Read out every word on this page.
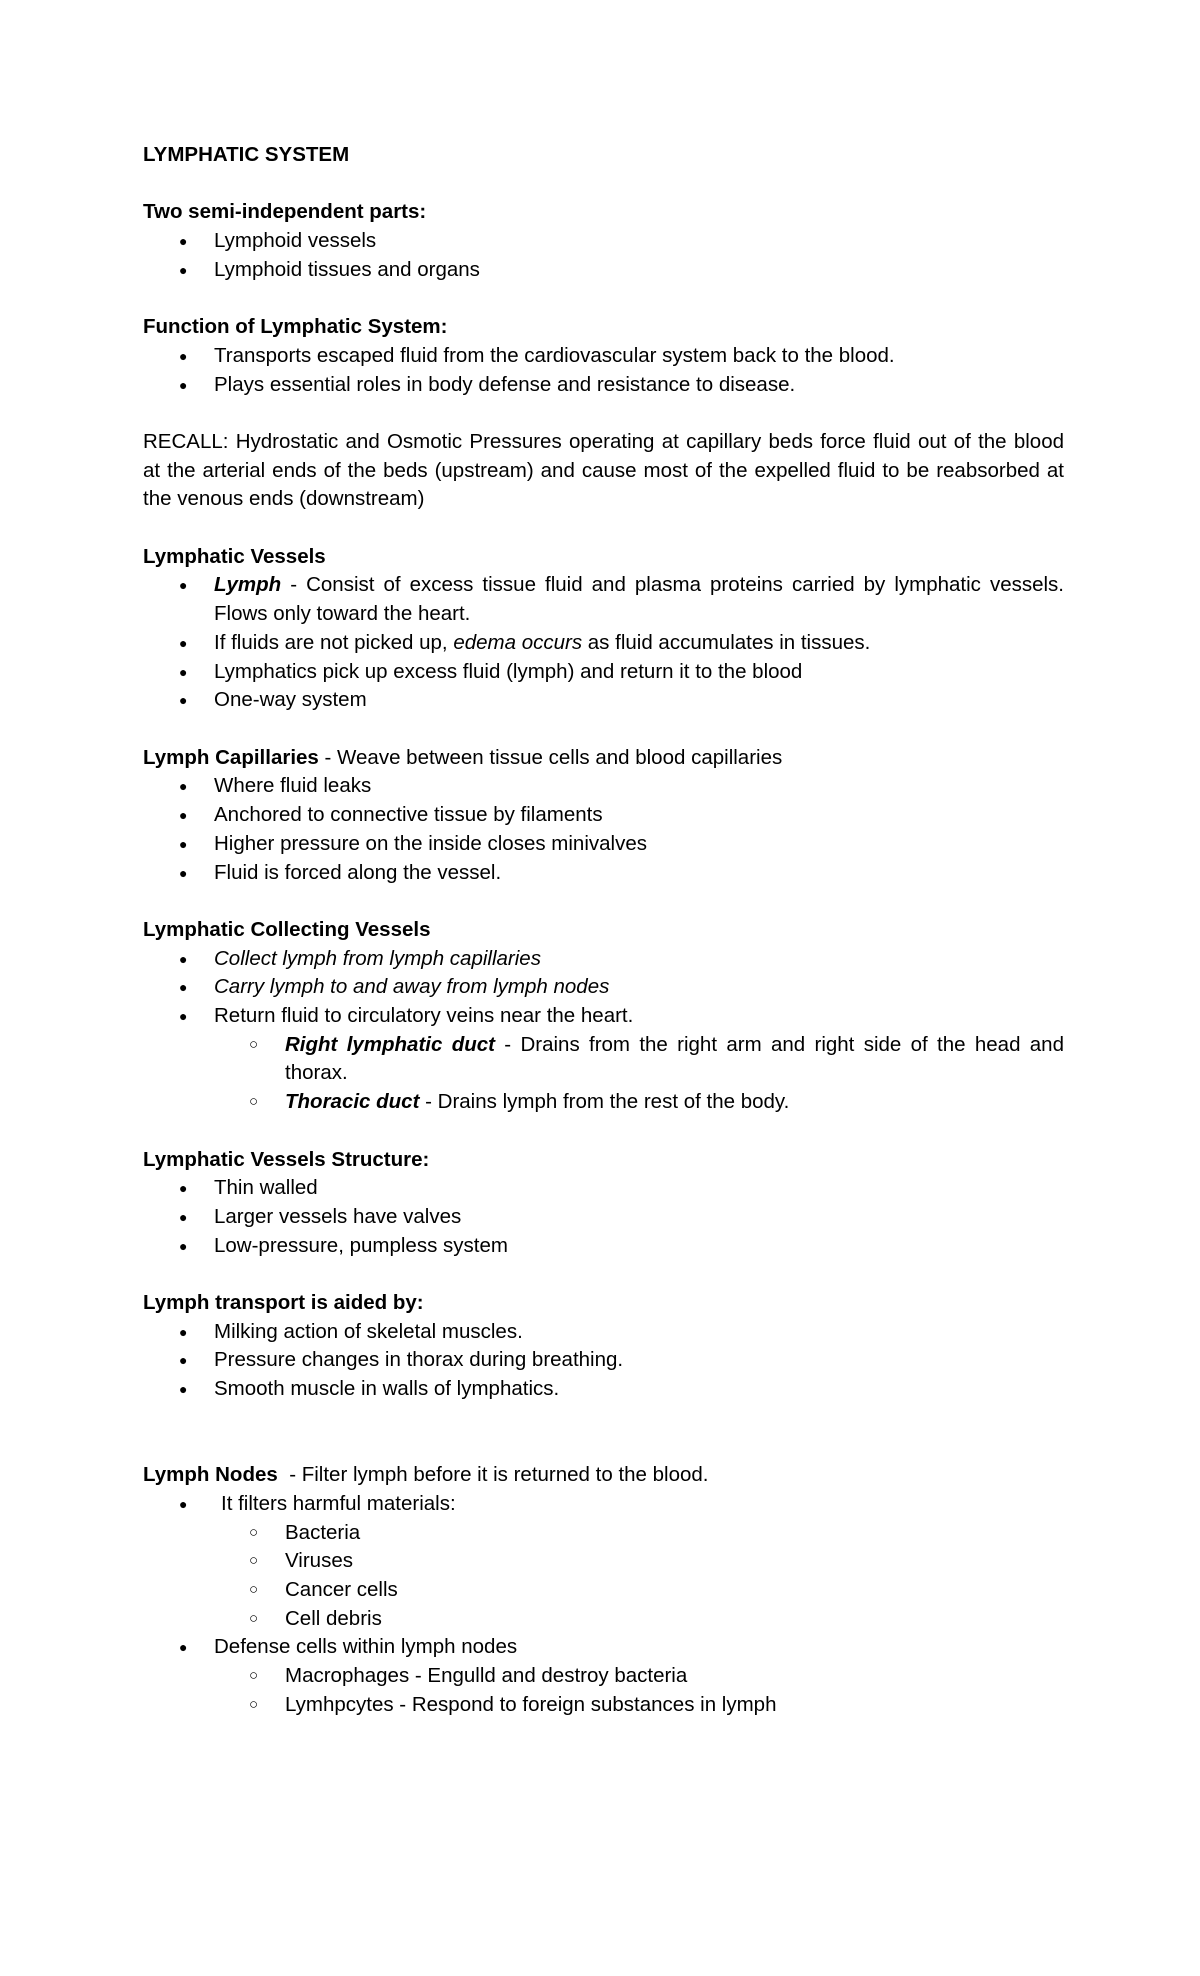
LYMPHATIC SYSTEM
Two semi-independent parts:
● Lymphoid vessels
● Lymphoid tissues and organs
Function of Lymphatic System:
● Transports escaped fluid from the cardiovascular system back to the blood.
● Plays essential roles in body defense and resistance to disease.

RECALL: Hydrostatic and Osmotic Pressures operating at capillary beds force fluid out of the blood at the arterial ends of the beds (upstream) and cause most of the expelled fluid to be reabsorbed at the venous ends (downstream)

Lymphatic Vessels
● Lymph - Consist of excess tissue fluid and plasma proteins carried by lymphatic vessels. Flows only toward the heart.
● If fluids are not picked up, edema occurs as fluid accumulates in tissues.
● Lymphatics pick up excess fluid (lymph) and return it to the blood
● One-way system
Lymph Capillaries - Weave between tissue cells and blood capillaries
● Where fluid leaks
● Anchored to connective tissue by filaments
● Higher pressure on the inside closes minivalves
● Fluid is forced along the vessel.
Lymphatic Collecting Vessels
● Collect lymph from lymph capillaries
● Carry lymph to and away from lymph nodes
● Return fluid to circulatory veins near the heart.
○ Right lymphatic duct - Drains from the right arm and right side of the head and thorax.
○ Thoracic duct - Drains lymph from the rest of the body.
Lymphatic Vessels Structure:
● Thin walled
● Larger vessels have valves
● Low-pressure, pumpless system
Lymph transport is aided by:
● Milking action of skeletal muscles.
● Pressure changes in thorax during breathing.
● Smooth muscle in walls of lymphatics.
Lymph Nodes  - Filter lymph before it is returned to the blood.
● It filters harmful materials:
○ Bacteria
○ Viruses
○ Cancer cells
○ Cell debris
● Defense cells within lymph nodes
○ Macrophages - Engulld and destroy bacteria
○ Lymhpcytes - Respond to foreign substances in lymph
